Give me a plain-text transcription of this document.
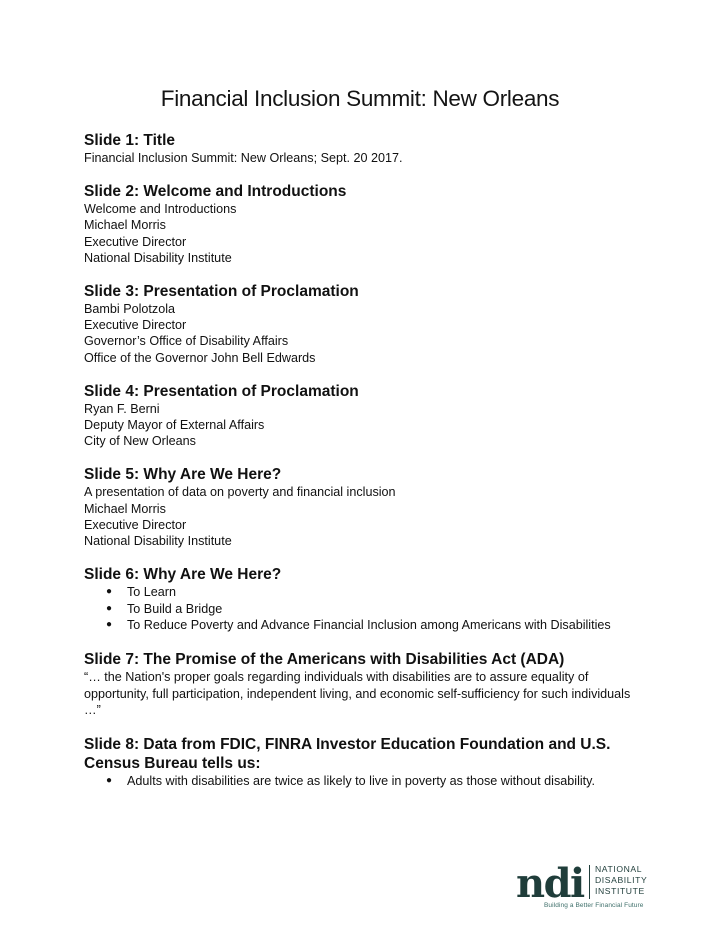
Financial Inclusion Summit: New Orleans
Slide 1: Title
Financial Inclusion Summit: New Orleans; Sept. 20 2017.
Slide 2: Welcome and Introductions
Welcome and Introductions
Michael Morris
Executive Director
National Disability Institute
Slide 3: Presentation of Proclamation
Bambi Polotzola
Executive Director
Governor’s Office of Disability Affairs
Office of the Governor John Bell Edwards
Slide 4: Presentation of Proclamation
Ryan F. Berni
Deputy Mayor of External Affairs
City of New Orleans
Slide 5: Why Are We Here?
A presentation of data on poverty and financial inclusion
Michael Morris
Executive Director
National Disability Institute
Slide 6: Why Are We Here?
● To Learn
● To Build a Bridge
● To Reduce Poverty and Advance Financial Inclusion among Americans with Disabilities
Slide 7: The Promise of the Americans with Disabilities Act (ADA)
“… the Nation's proper goals regarding individuals with disabilities are to assure equality of opportunity, full participation, independent living, and economic self-sufficiency for such individuals …”
Slide 8: Data from FDIC, FINRA Investor Education Foundation and U.S. Census Bureau tells us:
● Adults with disabilities are twice as likely to live in poverty as those without disability.
ndi NATIONAL
DISABILITY
INSTITUTE
Building a Better Financial Future
